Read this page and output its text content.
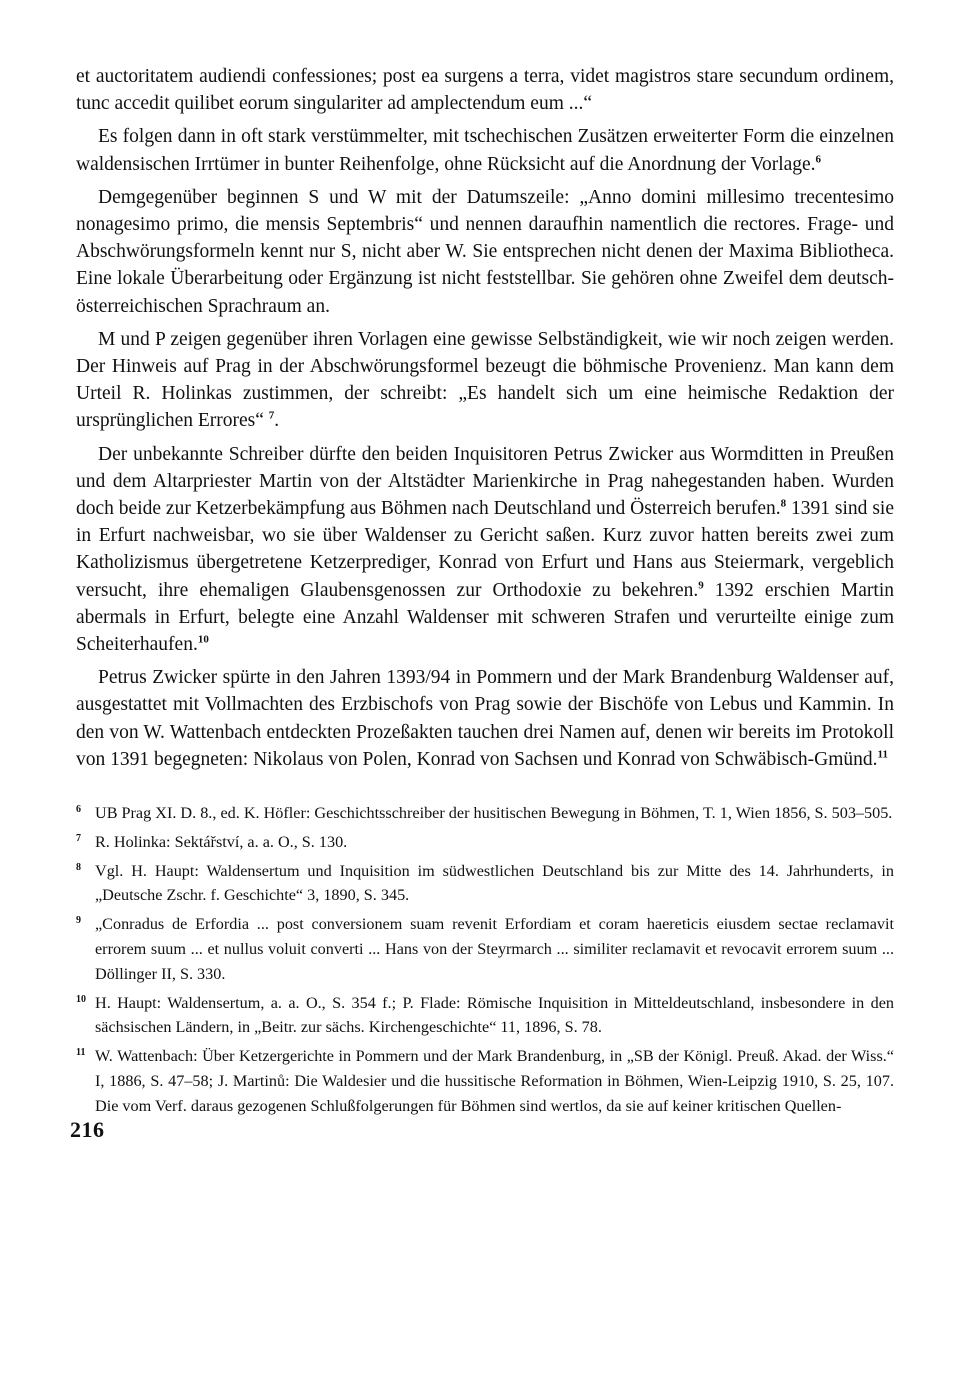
et auctoritatem audiendi confessiones; post ea surgens a terra, videt magistros stare secundum ordinem, tunc accedit quilibet eorum singulariter ad amplectendum eum ...“

Es folgen dann in oft stark verstümmelter, mit tschechischen Zusätzen erweiterter Form die einzelnen waldensischen Irrtümer in bunter Reihenfolge, ohne Rücksicht auf die Anordnung der Vorlage.$^6$

Demgegenüber beginnen S und W mit der Datumszeile: „Anno domini millesimo trecentesimo nonagesimo primo, die mensis Septembris“ und nennen daraufhin namentlich die rectores. Frage- und Abschwörungsformeln kennt nur S, nicht aber W. Sie entsprechen nicht denen der Maxima Bibliotheca. Eine lokale Überarbeitung oder Ergänzung ist nicht feststellbar. Sie gehören ohne Zweifel dem deutsch-österreichischen Sprachraum an.

M und P zeigen gegenüber ihren Vorlagen eine gewisse Selbständigkeit, wie wir noch zeigen werden. Der Hinweis auf Prag in der Abschwörungsformel bezeugt die böhmische Provenienz. Man kann dem Urteil R. Holinkas zustimmen, der schreibt: „Es handelt sich um eine heimische Redaktion der ursprünglichen Errores“ $^7$.

Der unbekannte Schreiber dürfte den beiden Inquisitoren Petrus Zwicker aus Wormditten in Preußen und dem Altarpriester Martin von der Altstädter Marienkirche in Prag nahegestanden haben. Wurden doch beide zur Ketzerbekämpfung aus Böhmen nach Deutschland und Österreich berufen.$^8$ 1391 sind sie in Erfurt nachweisbar, wo sie über Waldenser zu Gericht saßen. Kurz zuvor hatten bereits zwei zum Katholizismus übergetretene Ketzerprediger, Konrad von Erfurt und Hans aus Steiermark, vergeblich versucht, ihre ehemaligen Glaubensgenossen zur Orthodoxie zu bekehren.$^9$ 1392 erschien Martin abermals in Erfurt, belegte eine Anzahl Waldenser mit schweren Strafen und verurteilte einige zum Scheiterhaufen.$^{10}$

Petrus Zwicker spürte in den Jahren 1393/94 in Pommern und der Mark Brandenburg Waldenser auf, ausgestattet mit Vollmachten des Erzbischofs von Prag sowie der Bischöfe von Lebus und Kammin. In den von W. Wattenbach entdeckten Prozeßakten tauchen drei Namen auf, denen wir bereits im Protokoll von 1391 begegneten: Nikolaus von Polen, Konrad von Sachsen und Konrad von Schwäbisch-Gmünd.$^{11}$

6 UB Prag XI. D. 8., ed. K. Höfler: Geschichtsschreiber der husitischen Bewegung in Böhmen, T. 1, Wien 1856, S. 503–505.

7 R. Holinka: Sektářství, a. a. O., S. 130.

8 Vgl. H. Haupt: Waldensertum und Inquisition im südwestlichen Deutschland bis zur Mitte des 14. Jahrhunderts, in „Deutsche Zschr. f. Geschichte“ 3, 1890, S. 345.

9 „Conradus de Erfordia ... post conversionem suam revenit Erfordiam et coram haereticis eiusdem sectae reclamavit errorem suum ... et nullus voluit converti ... Hans von der Steyrmarch ... similiter reclamavit et revocavit errorem suum ... Döllinger II, S. 330.

10 H. Haupt: Waldensertum, a. a. O., S. 354 f.; P. Flade: Römische Inquisition in Mitteldeutschland, insbesondere in den sächsischen Ländern, in „Beitr. zur sächs. Kirchengeschichte“ 11, 1896, S. 78.

11 W. Wattenbach: Über Ketzergerichte in Pommern und der Mark Brandenburg, in „SB der Königl. Preuß. Akad. der Wiss.“ I, 1886, S. 47–58; J. Martinů: Die Waldesier und die hussitische Reformation in Böhmen, Wien-Leipzig 1910, S. 25, 107. Die vom Verf. daraus gezogenen Schlußfolgerungen für Böhmen sind wertlos, da sie auf keiner kritischen Quellen-

216
